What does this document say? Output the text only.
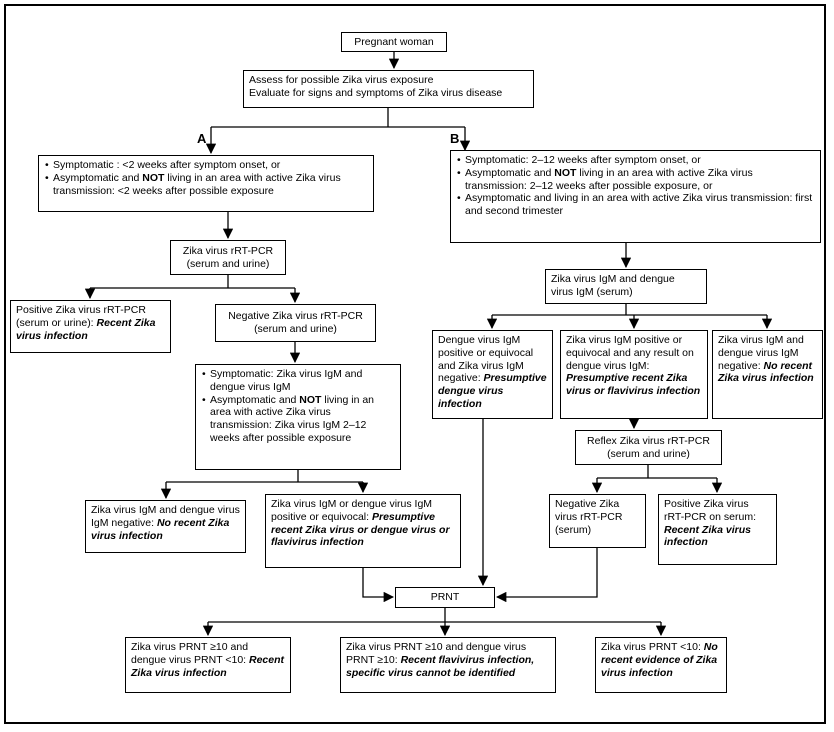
A	B
Pregnant woman
Assess for possible Zika virus exposure
Evaluate for signs and symptoms of Zika virus disease
• Symptomatic : <2 weeks after symptom onset, or
• Asymptomatic and NOT living in an area with active Zika virus transmission: <2 weeks after possible exposure
• Symptomatic: 2–12 weeks after symptom onset, or
• Asymptomatic and NOT living in an area with active Zika virus transmission: 2–12 weeks after possible exposure, or
• Asymptomatic and living in an area with active Zika virus transmission: first and second trimester
Zika virus rRT-PCR
(serum and urine)
Positive Zika virus rRT-PCR (serum or urine): Recent Zika virus infection
Negative Zika virus rRT-PCR
(serum and urine)
• Symptomatic: Zika virus IgM and dengue virus IgM
• Asymptomatic and NOT living in an area with active Zika virus transmission: Zika virus IgM 2–12 weeks after possible exposure
Zika virus IgM and dengue virus IgM negative: No recent Zika virus infection
Zika virus IgM or dengue virus IgM positive or equivocal: Presumptive recent Zika virus or dengue virus or flavivirus infection
Zika virus IgM and dengue
virus IgM (serum)
Dengue virus IgM positive or equivocal and Zika virus IgM negative: Presumptive dengue virus infection
Zika virus IgM positive or equivocal and any result on dengue virus IgM: Presumptive recent Zika virus or flavivirus infection
Zika virus IgM and dengue virus IgM negative: No recent Zika virus infection
Reflex Zika virus rRT-PCR
(serum and urine)
Negative Zika virus rRT-PCR (serum)
Positive Zika virus rRT-PCR on serum: Recent Zika virus infection
PRNT
Zika virus PRNT ≥10 and dengue virus PRNT <10: Recent Zika virus infection
Zika virus PRNT ≥10 and dengue virus PRNT ≥10: Recent flavivirus infection, specific virus cannot be identified
Zika virus PRNT <10: No recent evidence of Zika virus infection
